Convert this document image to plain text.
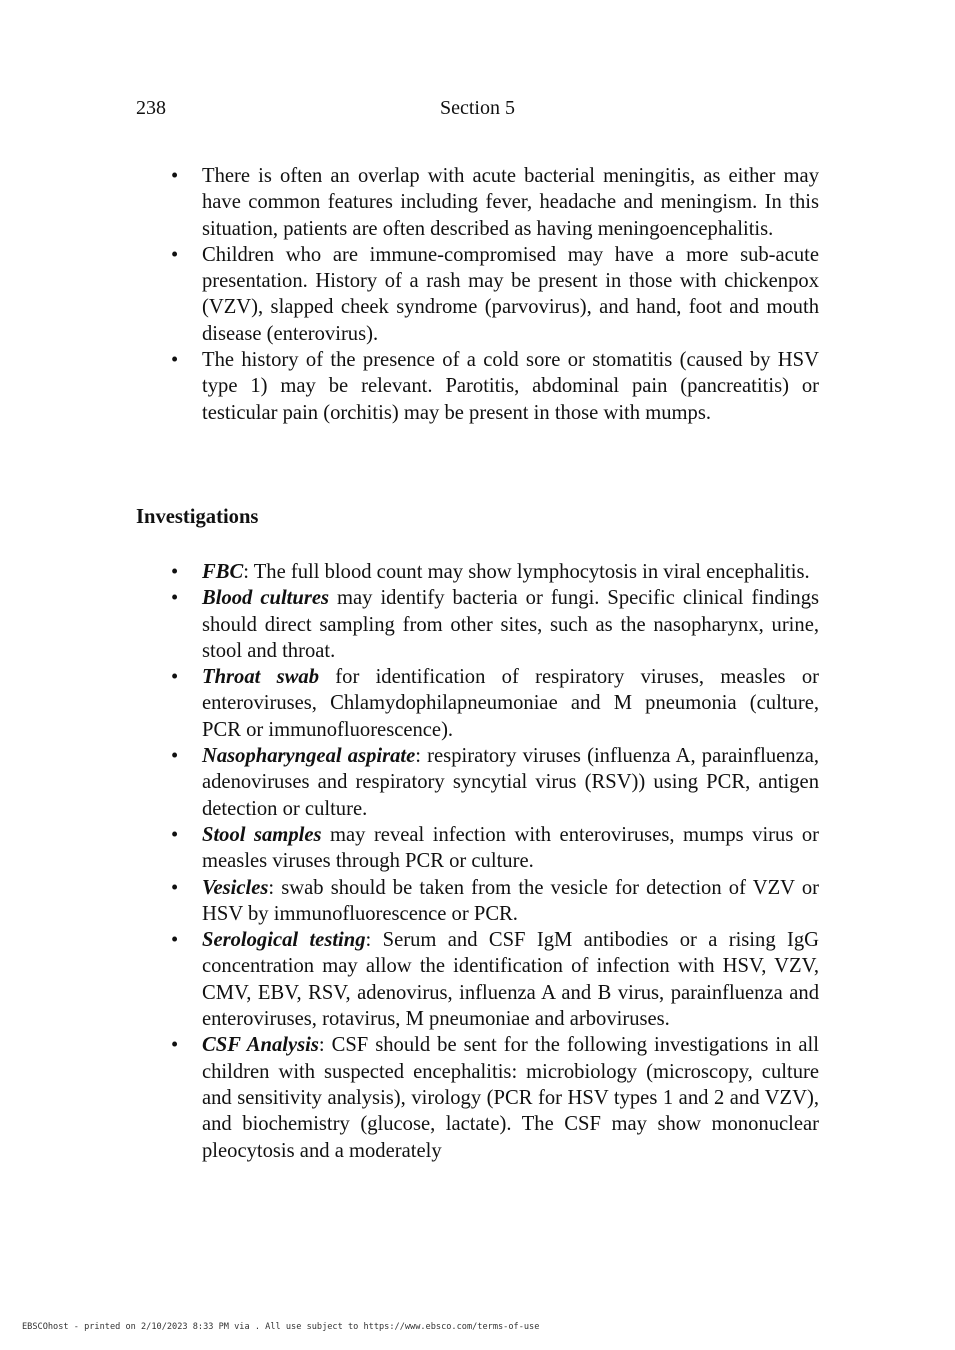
238	Section 5
• There is often an overlap with acute bacterial meningitis, as either may have common features including fever, headache and meningism. In this situation, patients are often described as having meningoencephalitis.
• Children who are immune-compromised may have a more sub-acute presentation. History of a rash may be present in those with chickenpox (VZV), slapped cheek syndrome (parvovirus), and hand, foot and mouth disease (enterovirus).
• The history of the presence of a cold sore or stomatitis (caused by HSV type 1) may be relevant. Parotitis, abdominal pain (pancreatitis) or testicular pain (orchitis) may be present in those with mumps.
Investigations
• FBC: The full blood count may show lymphocytosis in viral encephalitis.
• Blood cultures may identify bacteria or fungi. Specific clinical findings should direct sampling from other sites, such as the nasopharynx, urine, stool and throat.
• Throat swab for identification of respiratory viruses, measles or enteroviruses, Chlamydophilapneumoniae and M pneumonia (culture, PCR or immunofluorescence).
• Nasopharyngeal aspirate: respiratory viruses (influenza A, parainfluenza, adenoviruses and respiratory syncytial virus (RSV)) using PCR, antigen detection or culture.
• Stool samples may reveal infection with enteroviruses, mumps virus or measles viruses through PCR or culture.
• Vesicles: swab should be taken from the vesicle for detection of VZV or HSV by immunofluorescence or PCR.
• Serological testing: Serum and CSF IgM antibodies or a rising IgG concentration may allow the identification of infection with HSV, VZV, CMV, EBV, RSV, adenovirus, influenza A and B virus, parainfluenza and enteroviruses, rotavirus, M pneumoniae and arboviruses.
• CSF Analysis: CSF should be sent for the following investigations in all children with suspected encephalitis: microbiology (microscopy, culture and sensitivity analysis), virology (PCR for HSV types 1 and 2 and VZV), and biochemistry (glucose, lactate). The CSF may show mononuclear pleocytosis and a moderately
EBSCOhost - printed on 2/10/2023 8:33 PM via . All use subject to https://www.ebsco.com/terms-of-use
